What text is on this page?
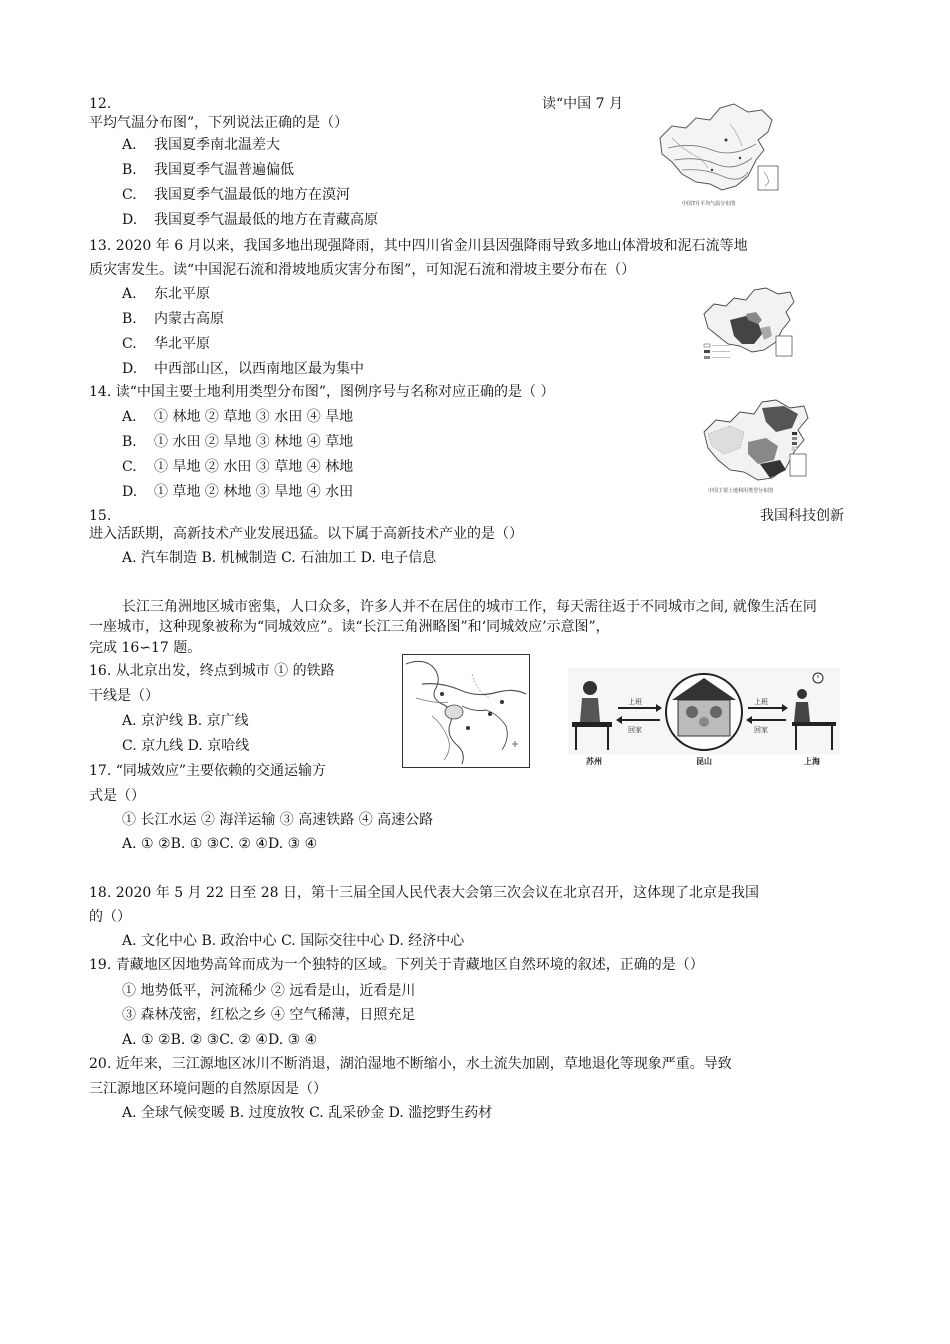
12.	读“中国 7 月
平均气温分布图”，下列说法正确的是（）
A. 我国夏季南北温差大
B. 我国夏季气温普遍偏低
C. 我国夏季气温最低的地方在漠河
D. 我国夏季气温最低的地方在青藏高原
中国7月平均气温分布图
13. 2020 年 6 月以来，我国多地出现强降雨，其中四川省金川县因强降雨导致多地山体滑坡和泥石流等地
质灾害发生。读“中国泥石流和滑坡地质灾害分布图”，可知泥石流和滑坡主要分布在（）
A. 东北平原
B. 内蒙古高原
C. 华北平原
D. 中西部山区，以西南地区最为集中
14. 读“中国主要土地利用类型分布图”，图例序号与名称对应正确的是（ ）
A. ① 林地 ② 草地 ③ 水田 ④ 旱地
B. ① 水田 ② 旱地 ③ 林地 ④ 草地
C. ① 旱地 ② 水田 ③ 草地 ④ 林地
D. ① 草地 ② 林地 ③ 旱地 ④ 水田	中国主要土地利用类型分布图
15.	我国科技创新
进入活跃期，高新技术产业发展迅猛。以下属于高新技术产业的是（）
A. 汽车制造 B. 机械制造 C. 石油加工 D. 电子信息
长江三角洲地区城市密集，人口众多，许多人并不在居住的城市工作，每天需往返于不同城市之间, 就像生活在同
一座城市，这种现象被称为“同城效应”。读“长江三角洲略图”和‘同城效应’示意图”，
完成 16∽17 题。
16. 从北京出发，终点到城市 ① 的铁路
干线是（）
A. 京沪线 B. 京广线
C. 京九线 D. 京哈线
17. “同城效应”主要依赖的交通运输方
式是（）
① 长江水运 ② 海洋运输 ③ 高速铁路 ④ 高速公路
A. ① ②B. ① ③C. ② ④D. ③ ④
上班
回家
上班
回家
苏州	昆山	上海
18. 2020 年 5 月 22 日至 28 日，第十三届全国人民代表大会第三次会议在北京召开，这体现了北京是我国
的（）
A. 文化中心 B. 政治中心 C. 国际交往中心 D. 经济中心
19. 青藏地区因地势高耸而成为一个独特的区域。下列关于青藏地区自然环境的叙述，正确的是（）
① 地势低平，河流稀少 ② 远看是山，近看是川
③ 森林茂密，红松之乡 ④ 空气稀薄，日照充足
A. ① ②B. ② ③C. ② ④D. ③ ④
20. 近年来，三江源地区冰川不断消退，湖泊湿地不断缩小，水土流失加剧，草地退化等现象严重。导致
三江源地区环境问题的自然原因是（）
A. 全球气候变暖 B. 过度放牧 C. 乱采砂金 D. 滥挖野生药材
